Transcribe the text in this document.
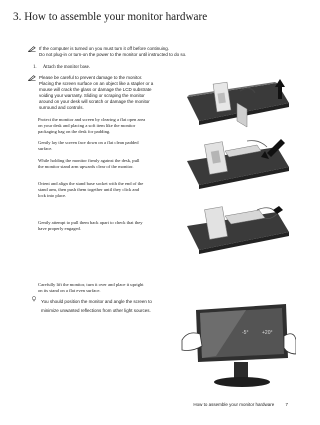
3. How to assemble your monitor hardware
If the computer is turned on you must turn it off before continuing.
Do not plug-in or turn-on the power to the monitor until instructed to do so.
1. Attach the monitor base.
Please be careful to prevent damage to the monitor.
Placing the screen surface on an object like a stapler or a
mouse will crack the glass or damage the LCD substrate
voiding your warranty. Sliding or scraping the monitor
around on your desk will scratch or damage the monitor
surround and controls.
Protect the monitor and screen by clearing a flat open area
on your desk and placing a soft item like the monitor
packaging bag on the desk for padding.
Gently lay the screen face down on a flat clean padded
surface.
While holding the monitor firmly against the desk, pull
the monitor stand arm upwards clear of the monitor.
Orient and align the stand base socket with the end of the
stand arm, then push them together until they click and
lock into place.
Gently attempt to pull them back apart to check that they
have properly engaged.
Carefully lift the monitor, turn it over and place it upright
on its stand on a flat even surface.
You should position the monitor and angle the screen to
minimize unwanted reflections from other light sources.
-5°	+20°
How to assemble your monitor hardware	7
